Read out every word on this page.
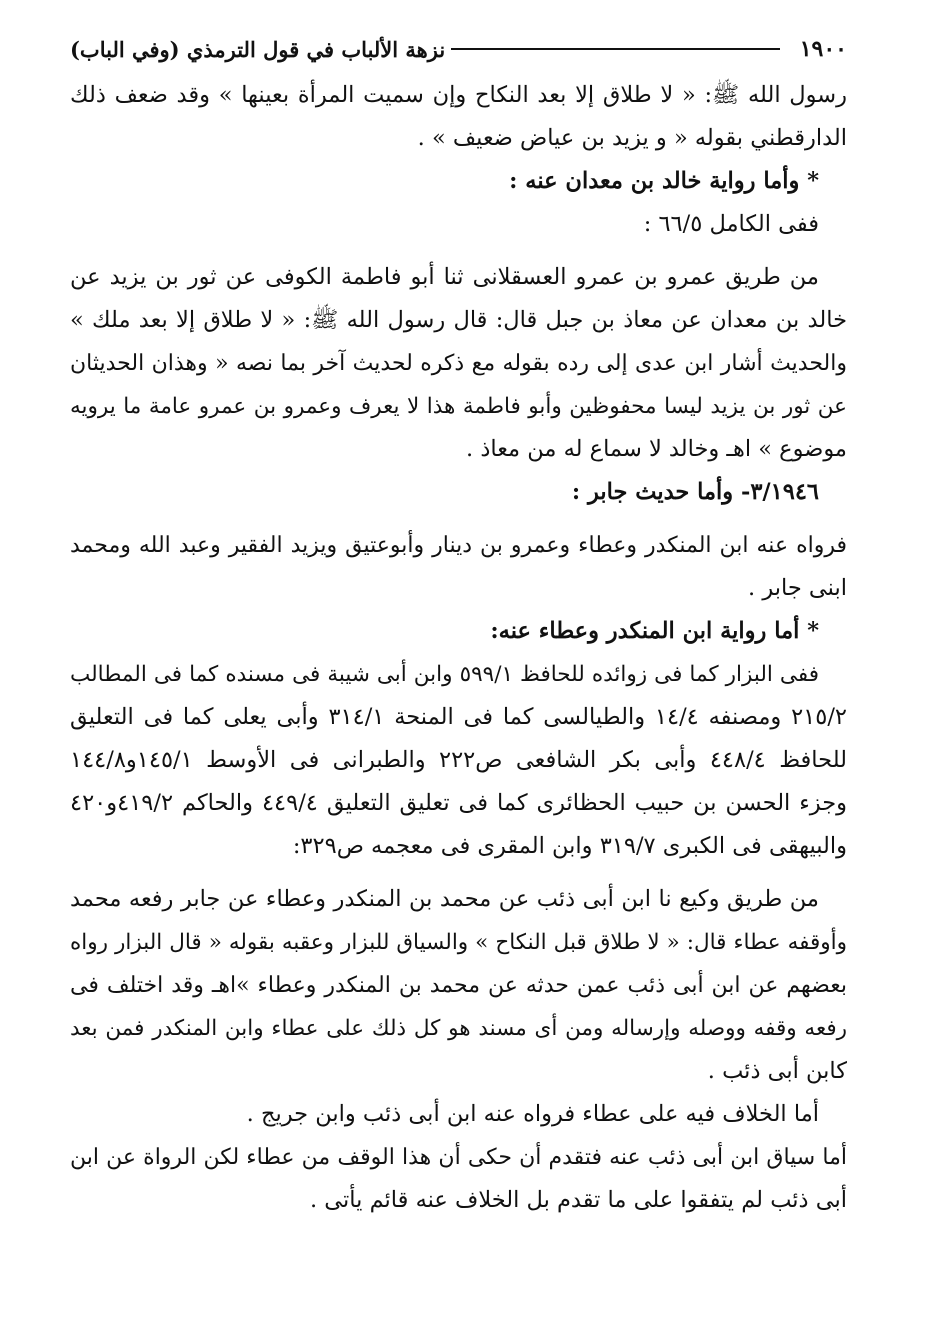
١٩٠٠
نزهة الألباب في قول الترمذي (وفي الباب)
رسول الله ﷺ: « لا طلاق إلا بعد النكاح وإن سميت المرأة بعينها » وقد ضعف ذلك
الدارقطني بقوله « و يزيد بن عياض ضعيف » .
* وأما رواية خالد بن معدان عنه :
ففى الكامل ٦٦/٥ :
من طريق عمرو بن عمرو العسقلانى ثنا أبو فاطمة الكوفى عن ثور بن يزيد عن
خالد بن معدان عن معاذ بن جبل قال: قال رسول الله ﷺ: « لا طلاق إلا بعد ملك »
والحديث أشار ابن عدى إلى رده بقوله مع ذكره لحديث آخر بما نصه « وهذان الحديثان
عن ثور بن يزيد ليسا محفوظين وأبو فاطمة هذا لا يعرف وعمرو بن عمرو عامة ما يرويه
موضوع » اهـ وخالد لا سماع له من معاذ .
٣/١٩٤٦- وأما حديث جابر :
فرواه عنه ابن المنكدر وعطاء وعمرو بن دينار وأبوعتيق ويزيد الفقير وعبد الله ومحمد
ابنى جابر .
* أما رواية ابن المنكدر وعطاء عنه:
ففى البزار كما فى زوائده للحافظ ٥٩٩/١ وابن أبى شيبة فى مسنده كما فى المطالب
٢١٥/٢ ومصنفه ١٤/٤ والطيالسى كما فى المنحة ٣١٤/١ وأبى يعلى كما فى التعليق
للحافظ ٤٤٨/٤ وأبى بكر الشافعى ص٢٢٢ والطبرانى فى الأوسط ١٤٥/١و١٤٤/٨
وجزء الحسن بن حبيب الحظائرى كما فى تعليق التعليق ٤٤٩/٤ والحاكم ٤١٩/٢و٤٢٠
والبيهقى فى الكبرى ٣١٩/٧ وابن المقرى فى معجمه ص٣٢٩:
من طريق وكيع نا ابن أبى ذئب عن محمد بن المنكدر وعطاء عن جابر رفعه محمد
وأوقفه عطاء قال: « لا طلاق قبل النكاح » والسياق للبزار وعقبه بقوله « قال البزار رواه
بعضهم عن ابن أبى ذئب عمن حدثه عن محمد بن المنكدر وعطاء »اهـ وقد اختلف فى
رفعه وقفه ووصله وإرساله ومن أى مسند هو كل ذلك على عطاء وابن المنكدر فمن بعد
كابن أبى ذئب .
أما الخلاف فيه على عطاء فرواه عنه ابن أبى ذئب وابن جريج .
أما سياق ابن أبى ذئب عنه فتقدم أن حكى أن هذا الوقف من عطاء لكن الرواة عن ابن
أبى ذئب لم يتفقوا على ما تقدم بل الخلاف عنه قائم يأتى .
